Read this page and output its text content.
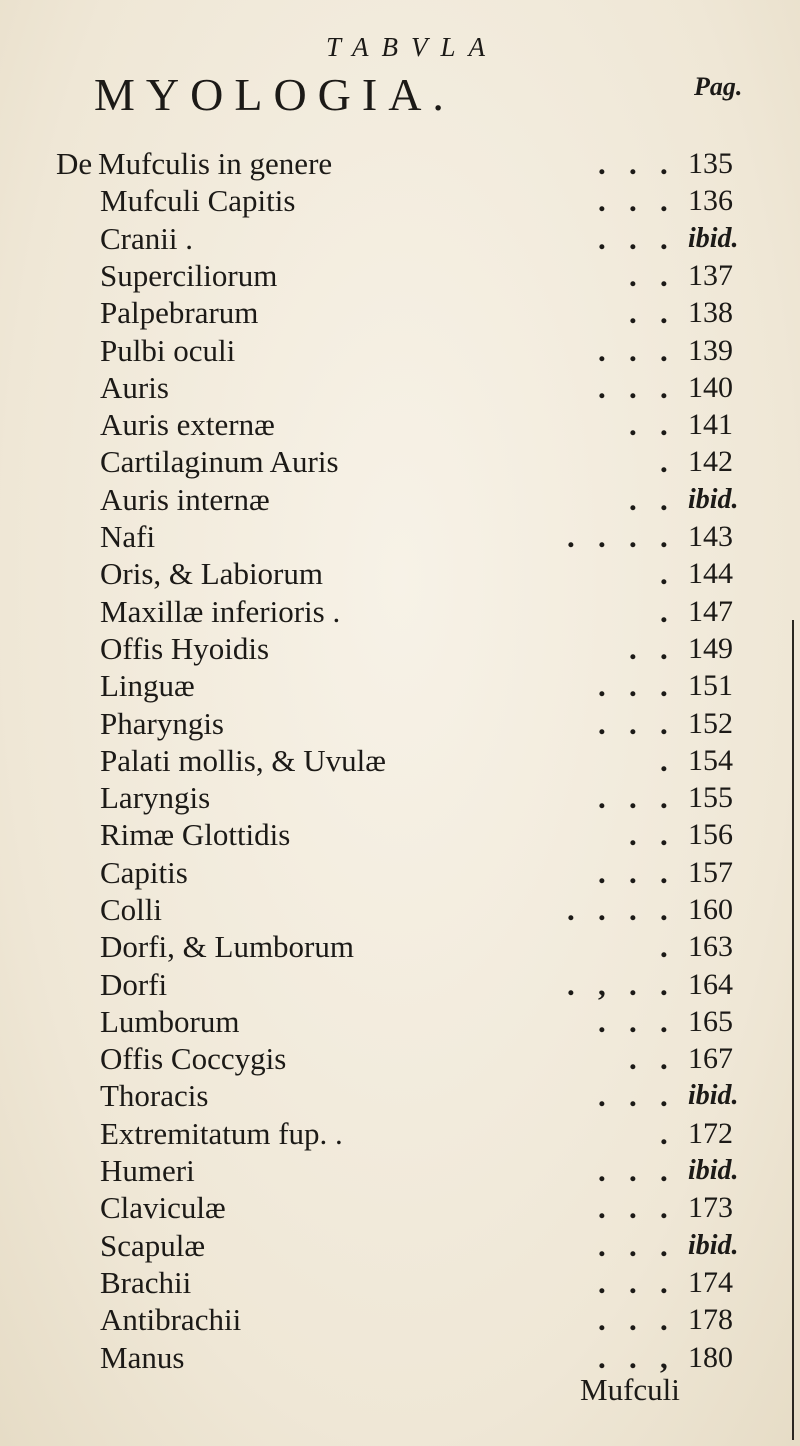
TABVLA
MYOLOGIA.	Pag.
De Mufculis in genere	.   .   . 135
Mufculi Capitis	.   .   . 136
Cranii .	.   .   . ibid.
Superciliorum	.   . 137
Palpebrarum	.   . 138
Pulbi oculi	.   .   . 139
Auris	.   .   . 140
Auris externæ	.   . 141
Cartilaginum Auris	. 142
Auris internæ	.   . ibid.
Nafi	.   .   .   . 143
Oris, & Labiorum	. 144
Maxillæ inferioris .	. 147
Offis Hyoidis	.   . 149
Linguæ	.   .   . 151
Pharyngis	.   .   . 152
Palati mollis, & Uvulæ	. 154
Laryngis	.   .   . 155
Rimæ Glottidis	.   . 156
Capitis	.   .   . 157
Colli	.   .   .   . 160
Dorfi, & Lumborum	. 163
Dorfi	.   ,   .   . 164
Lumborum	.   .   . 165
Offis Coccygis	.   . 167
Thoracis	.   .   . ibid.
Extremitatum fup. .	. 172
Humeri	.   .   . ibid.
Claviculæ	.   .   . 173
Scapulæ	.   .   . ibid.
Brachii	.   .   . 174
Antibrachii	.   .   . 178
Manus	.   .   , 180
Mufculi
